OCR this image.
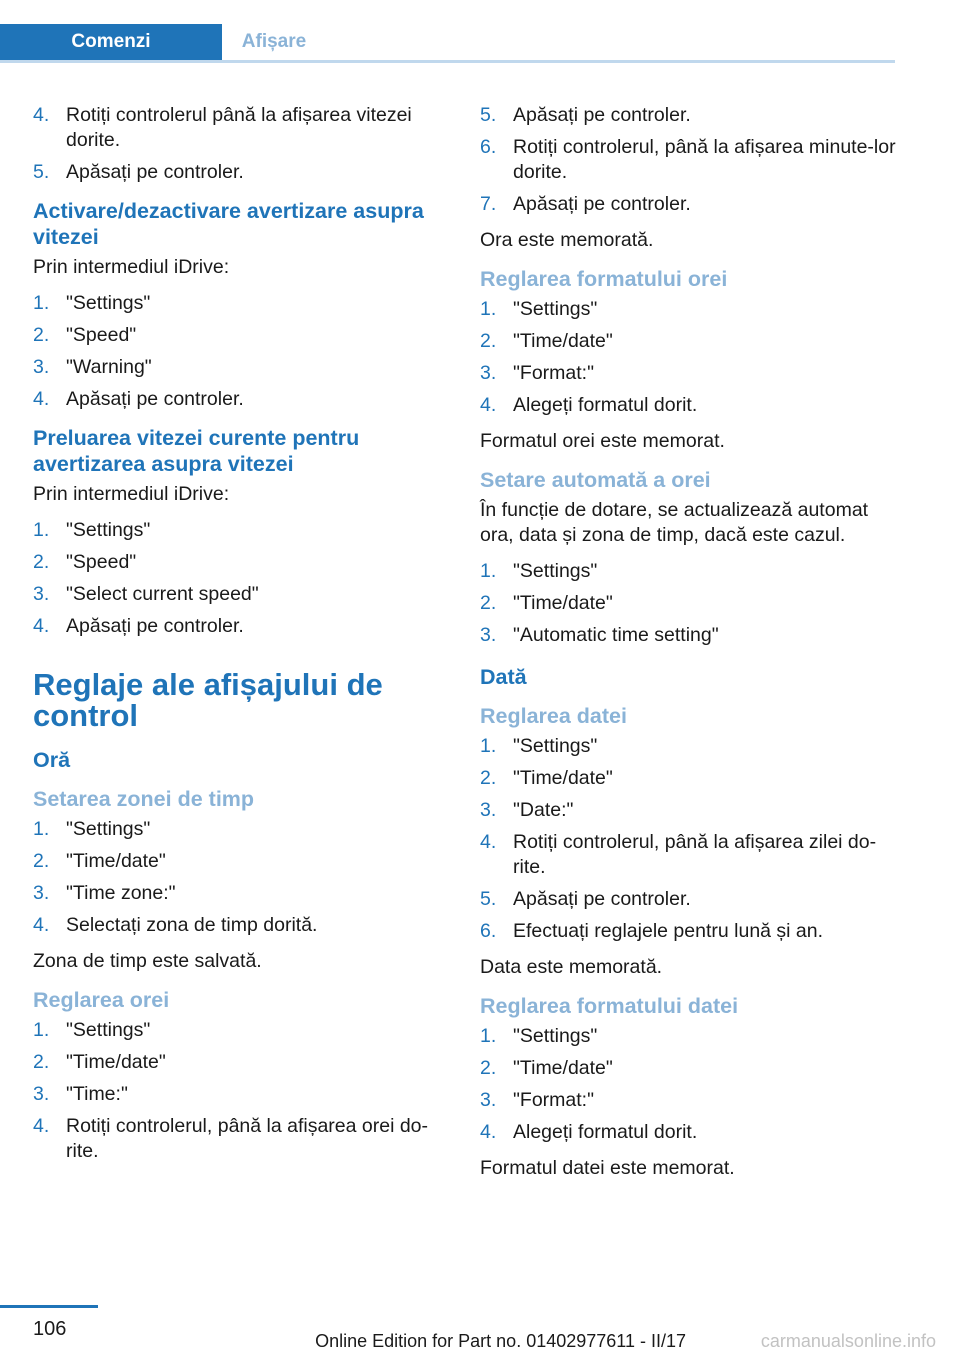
Comenzi	Afișare
4. Rotiți controlerul până la afișarea vitezei dorite.
5. Apăsați pe controler.
Activare/dezactivare avertizare asupra vitezei

Prin intermediul iDrive:

1. "Settings"
2. "Speed"
3. "Warning"
4. Apăsați pe controler.
Preluarea vitezei curente pentru avertizarea asupra vitezei

Prin intermediul iDrive:

1. "Settings"
2. "Speed"
3. "Select current speed"
4. Apăsați pe controler.
Reglaje ale afișajului de control
Oră
Setarea zonei de timp
1. "Settings"
2. "Time/date"
3. "Time zone:"
4. Selectați zona de timp dorită.

Zona de timp este salvată.

Reglarea orei
1. "Settings"
2. "Time/date"
3. "Time:"
4. Rotiți controlerul, până la afișarea orei do‐rite.
5. Apăsați pe controler.
6. Rotiți controlerul, până la afișarea minute‐lor dorite.
7. Apăsați pe controler.

Ora este memorată.

Reglarea formatului orei
1. "Settings"
2. "Time/date"
3. "Format:"
4. Alegeți formatul dorit.

Formatul orei este memorat.

Setare automată a orei

În funcție de dotare, se actualizează automat ora, data și zona de timp, dacă este cazul.

1. "Settings"
2. "Time/date"
3. "Automatic time setting"
Dată
Reglarea datei
1. "Settings"
2. "Time/date"
3. "Date:"
4. Rotiți controlerul, până la afișarea zilei do‐rite.
5. Apăsați pe controler.
6. Efectuați reglajele pentru lună și an.

Data este memorată.

Reglarea formatului datei
1. "Settings"
2. "Time/date"
3. "Format:"
4. Alegeți formatul dorit.

Formatul datei este memorat.

106
Online Edition for Part no. 01402977611 - II/17	carmanualsonline.info
